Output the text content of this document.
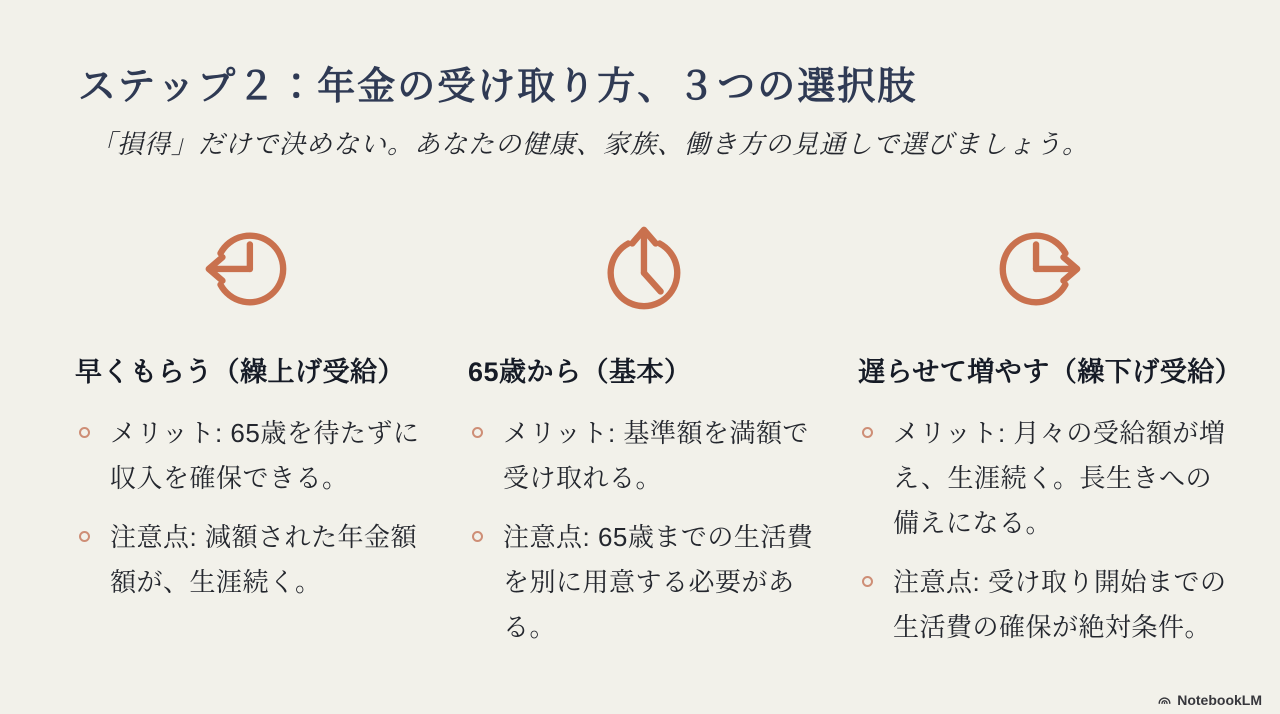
ステップ２：年金の受け取り方、３つの選択肢
「損得」だけで決めない。あなたの健康、家族、働き方の見通しで選びましょう。
早くもらう（繰上げ受給）
メリット: 65歳を待たずに収入を確保できる。
注意点: 減額された年金額額が、生涯続く。
65歳から（基本）
メリット: 基準額を満額で受け取れる。
注意点: 65歳までの生活費を別に用意する必要がある。
遅らせて増やす（繰下げ受給）
メリット: 月々の受給額が増え、生涯続く。長生きへの備えになる。
注意点: 受け取り開始までの生活費の確保が絶対条件。
NotebookLM
